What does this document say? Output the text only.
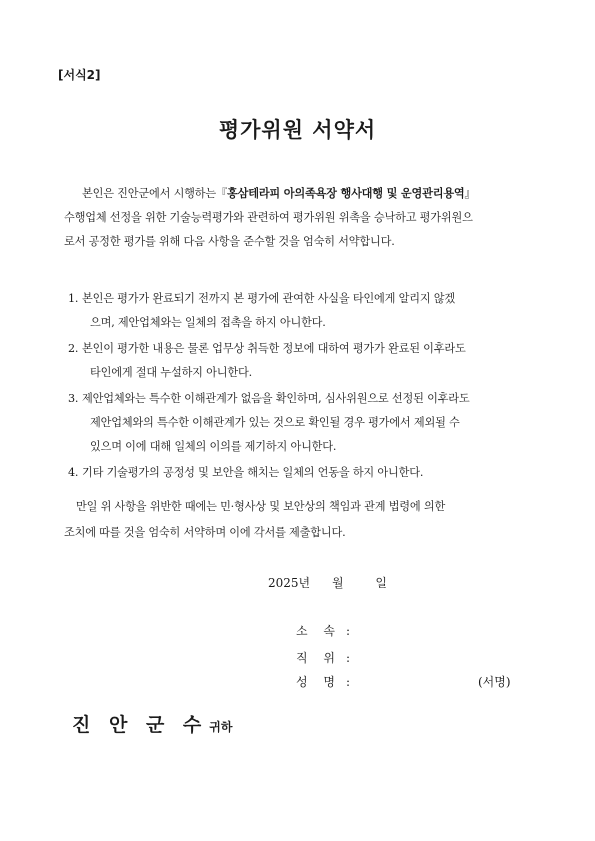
[서식2]
평가위원 서약서
본인은 진안군에서 시행하는『홍삼테라피 아의족욕장 행사대행 및 운영관리용역』
수행업체 선정을 위한 기술능력평가와 관련하여 평가위원 위촉을 승낙하고 평가위원으
로서 공정한 평가를 위해 다음 사항을 준수할 것을 엄숙히 서약합니다.
1. 본인은 평가가 완료되기 전까지 본 평가에 관여한 사실을 타인에게 알리지 않겠
으며, 제안업체와는 일체의 접촉을 하지 아니한다.
2. 본인이 평가한 내용은 물론 업무상 취득한 정보에 대하여 평가가 완료된 이후라도
타인에게 절대 누설하지 아니한다.
3. 제안업체와는 특수한 이해관계가 없음을 확인하며, 심사위원으로 선정된 이후라도
제안업체와의 특수한 이해관계가 있는 것으로 확인될 경우 평가에서 제외될 수
있으며 이에 대해 일체의 이의를 제기하지 아니한다.
4. 기타 기술평가의 공정성 및 보안을 해치는 일체의 언동을 하지 아니한다.
만일 위 사항을 위반한 때에는 민·형사상 및 보안상의 책임과 관계 법령에 의한
조치에 따를 것을 엄숙히 서약하며 이에 각서를 제출합니다.
2025년 월	일
소 속 :
직 위 :
성 명 :	(서명)
진 안 군 수 귀하
